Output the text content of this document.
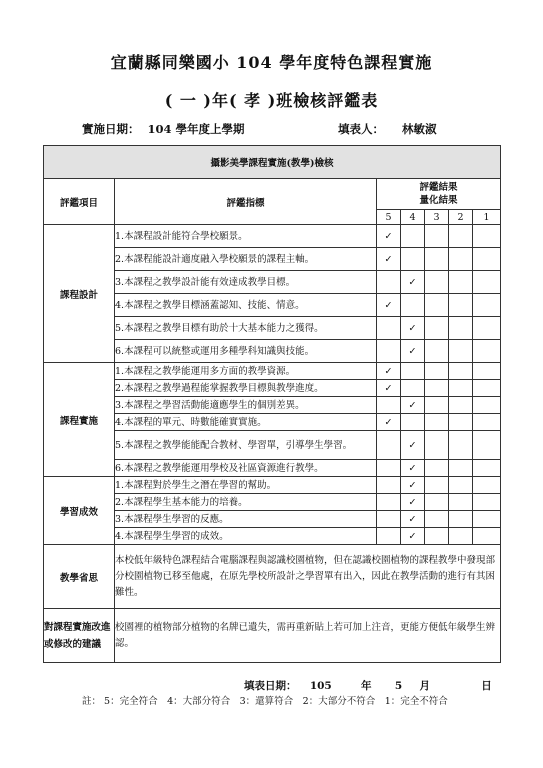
宜蘭縣同樂國小 104 學年度特色課程實施
( 一 )年( 孝 )班檢核評鑑表
實施日期： 104 學年度上學期	填表人： 林敏淑
攝影美學課程實施(教學)檢核						
評鑑項目	評鑑指標	評鑑結果
量化結果				

		5	4	3	2	1
課程設計	1.本課程設計能符合學校願景。	✓				
	2.本課程能設計適度融入學校願景的課程主軸。	✓				
	3.本課程之教學設計能有效達成教學目標。		✓			
	4.本課程之教學目標涵蓋認知、技能、情意。	✓				
	5.本課程之教學目標有助於十大基本能力之獲得。		✓			
	6.本課程可以統整或運用多種學科知識與技能。		✓			
課程實施	1.本課程之教學能運用多方面的教學資源。	✓				
	2.本課程之教學過程能掌握教學目標與教學進度。	✓				
	3.本課程之學習活動能適應學生的個別差異。		✓			
	4.本課程的單元、時數能確實實施。	✓				
	5.本課程之教學能能配合教材、學習單，引導學生學習。		✓			
	6.本課程之教學能運用學校及社區資源進行教學。		✓			
學習成效	1.本課程對於學生之潛在學習的幫助。		✓			
	2.本課程學生基本能力的培養。		✓			
	3.本課程學生學習的反應。		✓			
	4.本課程學生學習的成效。		✓			
教學省思	本校低年級特色課程結合電腦課程與認識校園植物，但在認識校園植物的課程教學中發現部分校園植物已移至他處，在原先學校所設計之學習單有出入，因此在教學活動的進行有其困難性。					
對課程實施改進或修改的建議	校園裡的植物部分植物的名牌已遺失，需再重新貼上若可加上注音，更能方便低年級學生辨認。					
填表日期： 105	年 5 月	日
註： 5：完全符合　4：大部分符合　3：還算符合　2：大部分不符合　1：完全不符合
